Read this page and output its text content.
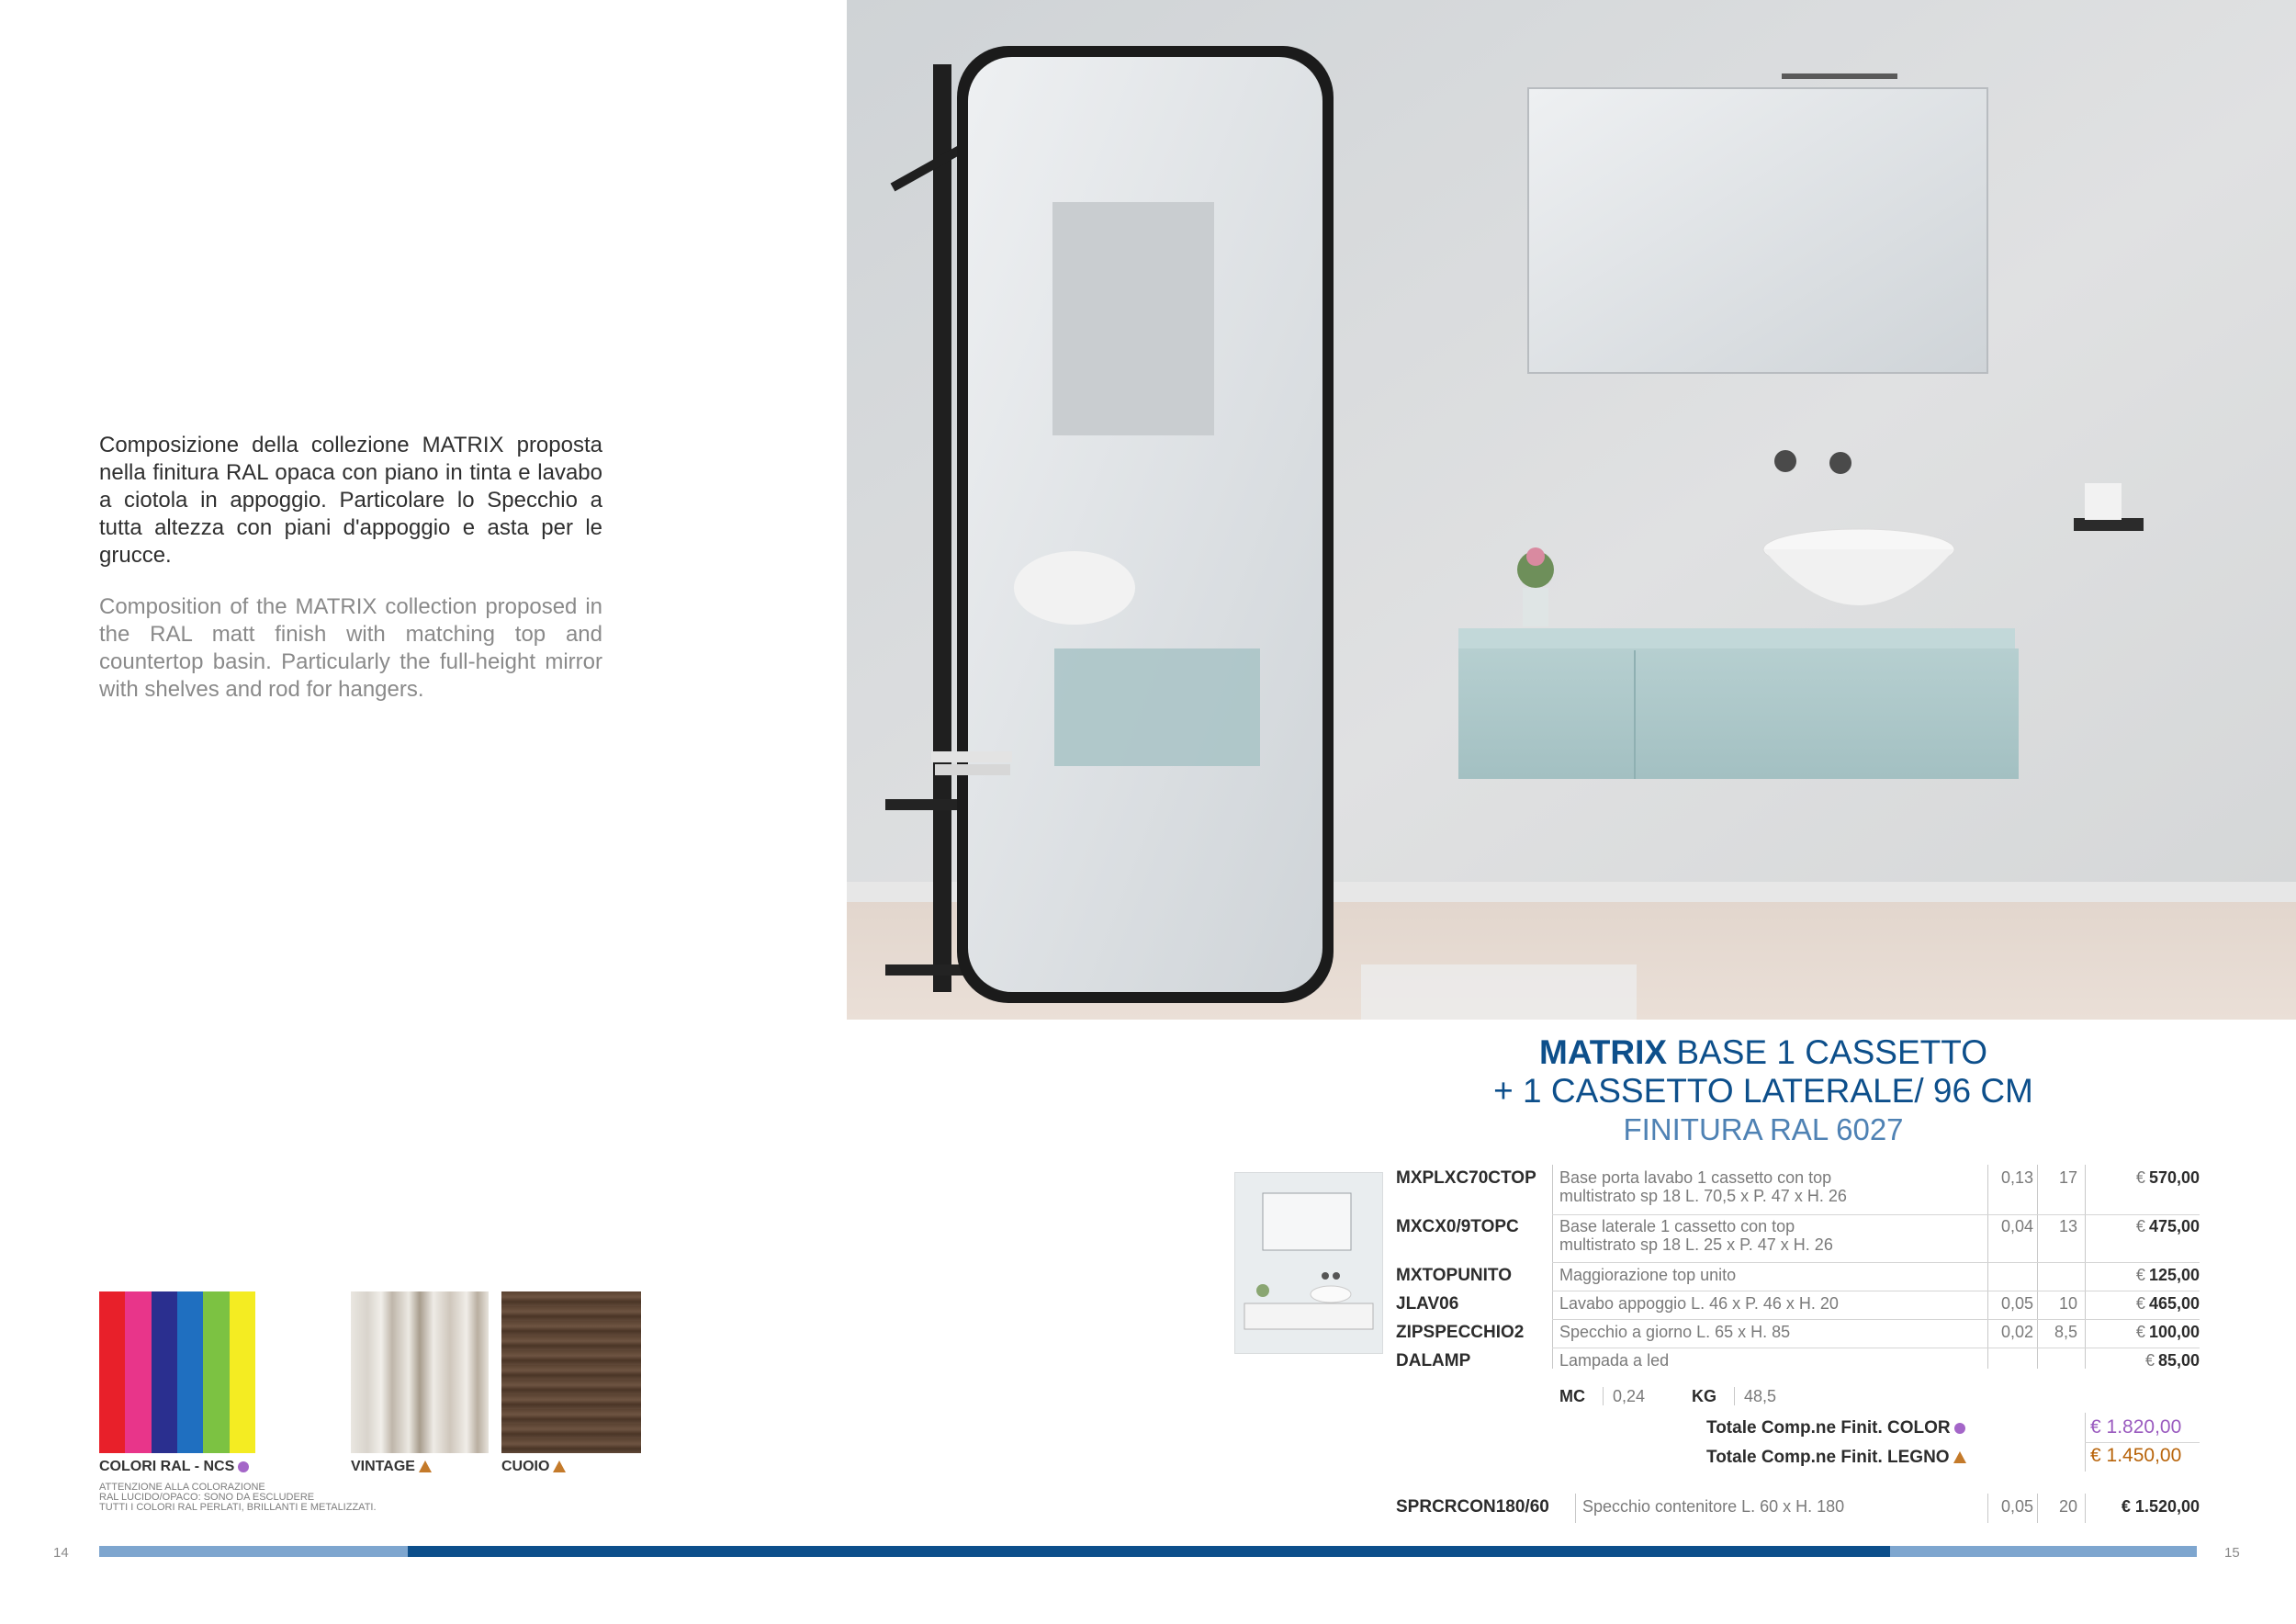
Composizione della collezione MATRIX proposta nella finitura RAL opaca con piano in tinta e lavabo a ciotola in appoggio. Particolare lo Specchio a tutta altezza con piani d'appoggio e asta per le grucce.
Composition of the MATRIX collection proposed in the RAL matt finish with matching top and countertop basin. Particularly the full-height mirror with shelves and rod for hangers.
MATRIX BASE 1 CASSETTO
+ 1 CASSETTO LATERALE/ 96 CM
FINITURA RAL 6027
MXPLXC70CTOP	Base porta lavabo 1 cassetto con top
multistrato sp 18 L. 70,5 x P. 47 x H. 26
0,13	17	€ 570,00
MXCX0/9TOPC	Base laterale 1 cassetto con top
multistrato sp 18 L. 25 x P. 47 x H. 26
0,04	13	€ 475,00
MXTOPUNITO	Maggiorazione top unito	€ 125,00
JLAV06	Lavabo appoggio L. 46 x P. 46 x H. 20	0,05	10	€ 465,00
ZIPSPECCHIO2	Specchio a giorno L. 65 x H. 85	0,02	8,5	€ 100,00
DALAMP	Lampada a led	€ 85,00
MC 0,24	KG 48,5
Totale Comp.ne Finit. COLOR	€ 1.820,00
Totale Comp.ne Finit. LEGNO	€ 1.450,00
SPRCRCON180/60	Specchio contenitore L. 60 x H. 180	0,05	20	€ 1.520,00
COLORI RAL - NCS	VINTAGE	CUOIO
ATTENZIONE ALLA COLORAZIONE
RAL LUCIDO/OPACO: SONO DA ESCLUDERE
TUTTI I COLORI RAL PERLATI, BRILLANTI E METALIZZATI.
14	15
